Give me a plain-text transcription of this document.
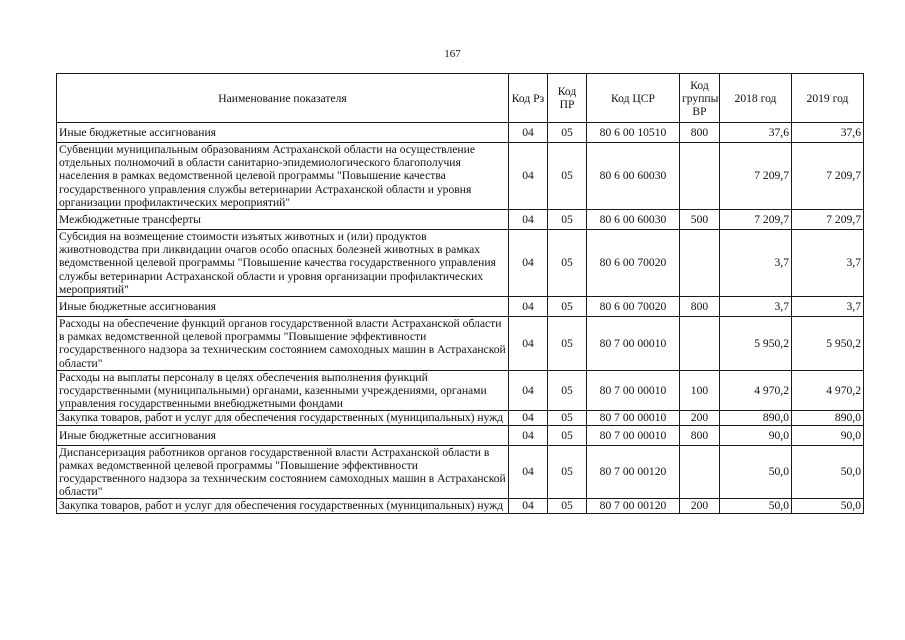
167
Наименование показателя	Код Рз	Код ПР	Код ЦСР	Код группы ВР	2018 год	2019 год
Иные бюджетные ассигнования	04	05	80 6 00 10510	800	37,6	37,6
Субвенции муниципальным образованиям Астраханской области на осуществление отдельных полномочий в области санитарно-эпидемиологического благополучия населения в рамках ведомственной целевой программы "Повышение качества государственного управления службы ветеринарии Астраханской области и уровня организации профилактических мероприятий"	04	05	80 6 00 60030		7 209,7	7 209,7
Межбюджетные трансферты	04	05	80 6 00 60030	500	7 209,7	7 209,7
Субсидия на возмещение стоимости изъятых животных и (или) продуктов животноводства при ликвидации очагов особо опасных болезней животных в рамках ведомственной целевой программы "Повышение качества государственного управления службы ветеринарии Астраханской области и уровня организации профилактических мероприятий"	04	05	80 6 00 70020		3,7	3,7
Иные бюджетные ассигнования	04	05	80 6 00 70020	800	3,7	3,7
Расходы на обеспечение функций органов государственной власти Астраханской области в рамках ведомственной целевой программы "Повышение эффективности государственного надзора за техническим состоянием самоходных машин в Астраханской области"	04	05	80 7 00 00010		5 950,2	5 950,2
Расходы на выплаты персоналу в целях обеспечения выполнения функций государственными (муниципальными) органами, казенными учреждениями, органами управления государственными внебюджетными фондами	04	05	80 7 00 00010	100	4 970,2	4 970,2
Закупка товаров, работ и услуг для обеспечения государственных (муниципальных) нужд	04	05	80 7 00 00010	200	890,0	890,0
Иные бюджетные ассигнования	04	05	80 7 00 00010	800	90,0	90,0
Диспансеризация работников органов государственной власти Астраханской области в рамках ведомственной целевой программы "Повышение эффективности государственного надзора за техническим состоянием самоходных машин в Астраханской области"	04	05	80 7 00 00120		50,0	50,0
Закупка товаров, работ и услуг для обеспечения государственных (муниципальных) нужд	04	05	80 7 00 00120	200	50,0	50,0
